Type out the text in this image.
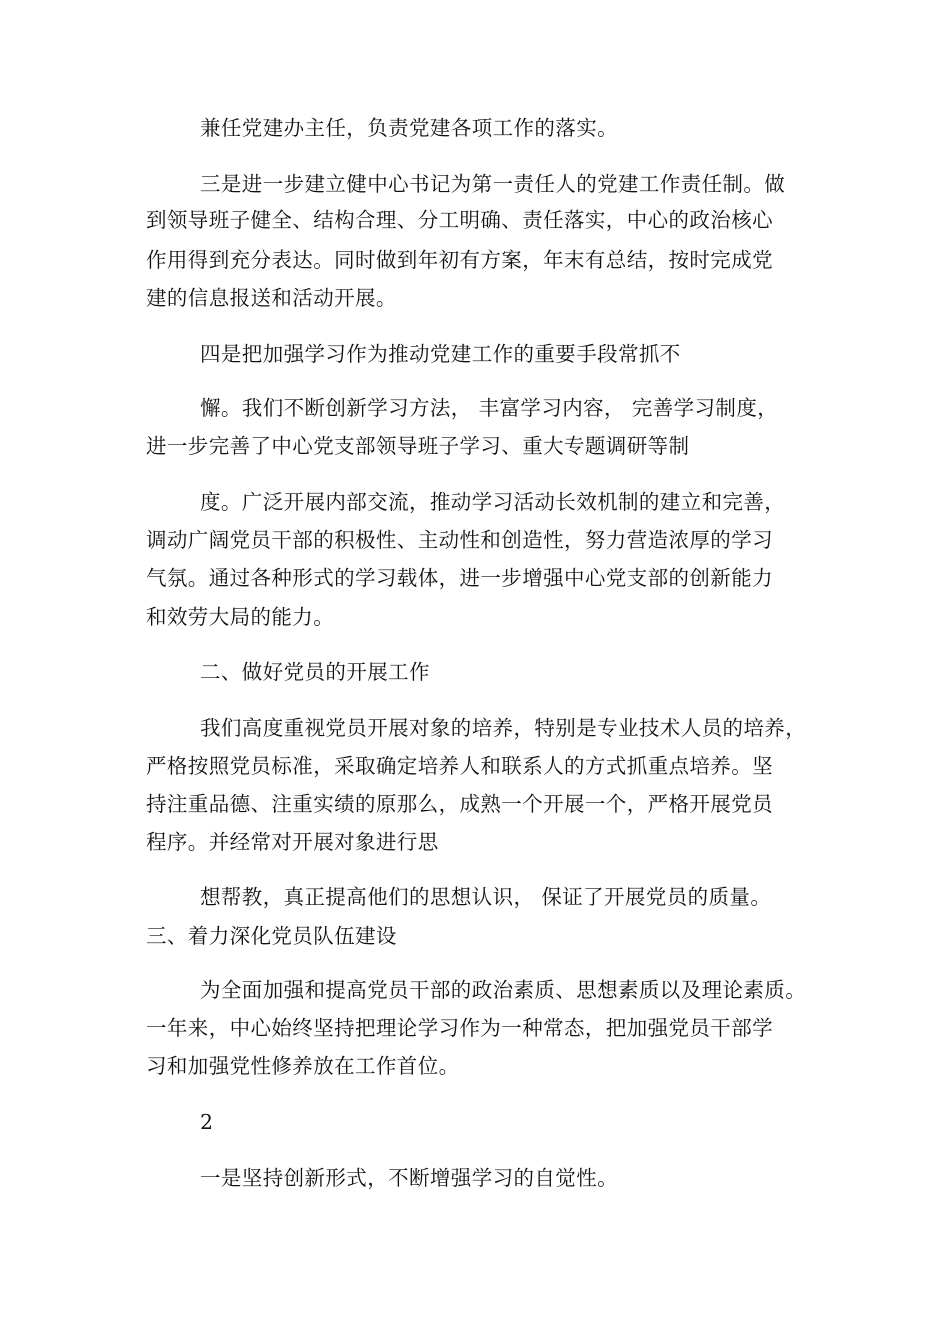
兼任党建办主任，负责党建各项工作的落实。
三是进一步建立健中心书记为第一责任人的党建工作责任制。做
到领导班子健全、结构合理、分工明确、责任落实，中心的政治核心
作用得到充分表达。同时做到年初有方案，年末有总结，按时完成党
建的信息报送和活动开展。
四是把加强学习作为推动党建工作的重要手段常抓不
懈。我们不断创新学习方法， 丰富学习内容， 完善学习制度，
进一步完善了中心党支部领导班子学习、重大专题调研等制
度。广泛开展内部交流，推动学习活动长效机制的建立和完善，
调动广阔党员干部的积极性、主动性和创造性，努力营造浓厚的学习
气氛。通过各种形式的学习载体，进一步增强中心党支部的创新能力
和效劳大局的能力。
二、做好党员的开展工作
我们高度重视党员开展对象的培养，特别是专业技术人员的培养，
严格按照党员标准，采取确定培养人和联系人的方式抓重点培养。坚
持注重品德、注重实绩的原那么，成熟一个开展一个，严格开展党员
程序。并经常对开展对象进行思
想帮教，真正提高他们的思想认识， 保证了开展党员的质量。
三、着力深化党员队伍建设
为全面加强和提高党员干部的政治素质、思想素质以及理论素质。
一年来，中心始终坚持把理论学习作为一种常态，把加强党员干部学
习和加强党性修养放在工作首位。
2
一是坚持创新形式，不断增强学习的自觉性。
